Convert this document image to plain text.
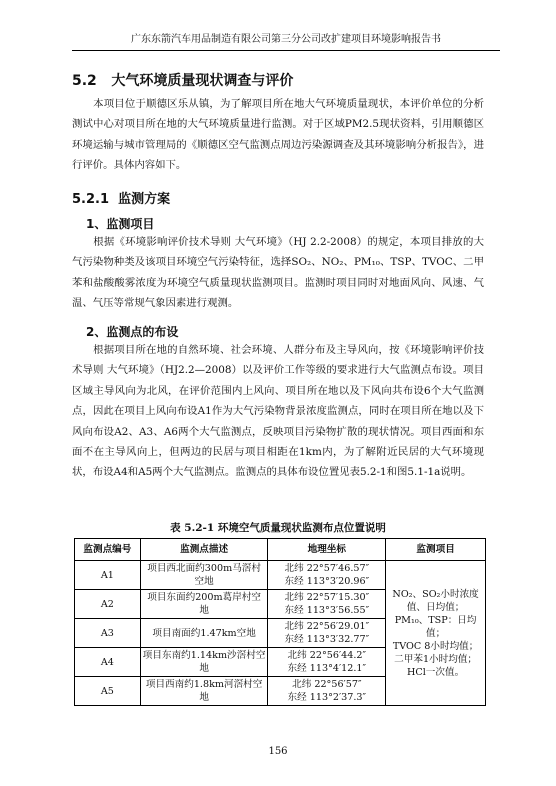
广东东箭汽车用品制造有限公司第三分公司改扩建项目环境影响报告书
5.2   大气环境质量现状调查与评价
本项目位于顺德区乐从镇，为了解项目所在地大气环境质量现状，本评价单位的分析测试中心对项目所在地的大气环境质量进行监测。对于区域PM2.5现状资料，引用顺德区环境运输与城市管理局的《顺德区空气监测点周边污染源调查及其环境影响分析报告》，进行评价。具体内容如下。
5.2.1  监测方案
1、监测项目
根据《环境影响评价技术导则 大气环境》（HJ 2.2-2008）的规定，本项目排放的大气污染物种类及该项目环境空气污染特征，选择SO₂、NO₂、PM₁₀、TSP、TVOC、二甲苯和盐酸酸雾浓度为环境空气质量现状监测项目。监测时项目同时对地面风向、风速、气温、气压等常规气象因素进行观测。
2、监测点的布设
根据项目所在地的自然环境、社会环境、人群分布及主导风向，按《环境影响评价技术导则 大气环境》（HJ2.2—2008）以及评价工作等级的要求进行大气监测点布设。项目区域主导风向为北风，在评价范围内上风向、项目所在地以及下风向共布设6个大气监测点，因此在项目上风向布设A1作为大气污染物背景浓度监测点，同时在项目所在地以及下风向布设A2、A3、A6两个大气监测点，反映项目污染物扩散的现状情况。项目西面和东面不在主导风向上，但两边的民居与项目相距在1km内，为了解附近民居的大气环境现状，布设A4和A5两个大气监测点。监测点的具体布设位置见表5.2-1和图5.1-1a说明。
表 5.2-1 环境空气质量现状监测布点位置说明
监测点编号	监测点描述	地理坐标	监测项目
A1	项目西北面约300m马滘村空地	北纬 22°57′46.57″
东经 113°3′20.96″	NO₂、SO₂小时浓度值、日均值；
PM₁₀、TSP：日均值；
TVOC 8小时均值；
二甲苯1小时均值；
HCl一次值。
A2	项目东面约200m葛岸村空地	北纬 22°57′15.30″
东经 113°3′56.55″	
A3	项目南面约1.47km空地	北纬 22°56′29.01″
东经 113°3′32.77″	
A4	项目东南约1.14km沙滘村空地	北纬 22°56′44.2″
东经 113°4′12.1″	
A5	项目西南约1.8km河滘村空地	北纬 22°56′57″
东经 113°2′37.3″	
156
